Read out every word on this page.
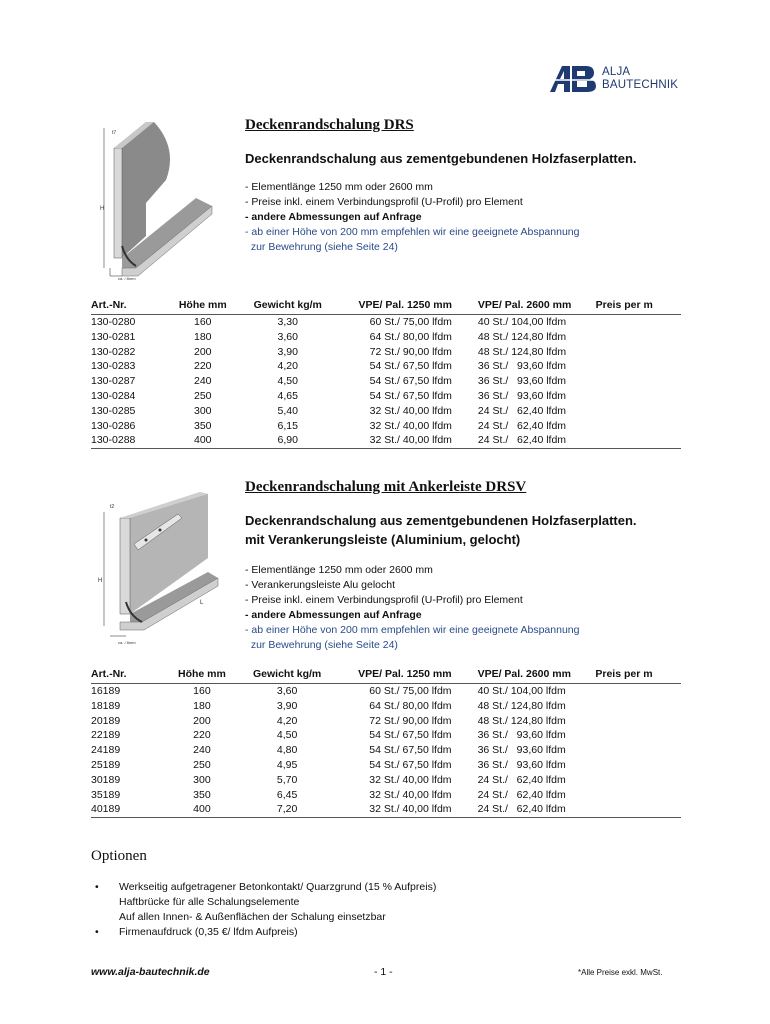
ALJA
BAUTECHNIK
t7
H
ca. / 8mm
Deckenrandschalung DRS
Deckenrandschalung aus zementgebundenen Holzfaserplatten.
- Elementlänge 1250 mm oder 2600 mm
- Preise inkl. einem Verbindungsprofil (U-Profil) pro Element
- andere Abmessungen auf Anfrage
- ab einer Höhe von 200 mm empfehlen wir eine geeignete Abspannung
zur Bewehrung (siehe Seite 24)
Art.-Nr.	Höhe mm	Gewicht kg/m	VPE/ Pal. 1250 mm	VPE/ Pal. 2600 mm	Preis per m
130-0280	160	3,30	60 St./ 75,00 lfdm	40 St./ 104,00 lfdm	
130-0281	180	3,60	64 St./ 80,00 lfdm	48 St./ 124,80 lfdm	
130-0282	200	3,90	72 St./ 90,00 lfdm	48 St./ 124,80 lfdm	
130-0283	220	4,20	54 St./ 67,50 lfdm	36 St./   93,60 lfdm	
130-0287	240	4,50	54 St./ 67,50 lfdm	36 St./   93,60 lfdm	
130-0284	250	4,65	54 St./ 67,50 lfdm	36 St./   93,60 lfdm	
130-0285	300	5,40	32 St./ 40,00 lfdm	24 St./   62,40 lfdm	
130-0286	350	6,15	32 St./ 40,00 lfdm	24 St./   62,40 lfdm	
130-0288	400	6,90	32 St./ 40,00 lfdm	24 St./   62,40 lfdm	
t2
H
L
ca. / 8mm
Deckenrandschalung mit Ankerleiste DRSV
Deckenrandschalung aus zementgebundenen Holzfaserplatten.
mit Verankerungsleiste (Aluminium, gelocht)
- Elementlänge 1250 mm oder 2600 mm
- Verankerungsleiste Alu gelocht
- Preise inkl. einem Verbindungsprofil (U-Profil) pro Element
- andere Abmessungen auf Anfrage
- ab einer Höhe von 200 mm empfehlen wir eine geeignete Abspannung
zur Bewehrung (siehe Seite 24)
Art.-Nr.	Höhe mm	Gewicht kg/m	VPE/ Pal. 1250 mm	VPE/ Pal. 2600 mm	Preis per m
16189	160	3,60	60 St./ 75,00 lfdm	40 St./ 104,00 lfdm	
18189	180	3,90	64 St./ 80,00 lfdm	48 St./ 124,80 lfdm	
20189	200	4,20	72 St./ 90,00 lfdm	48 St./ 124,80 lfdm	
22189	220	4,50	54 St./ 67,50 lfdm	36 St./   93,60 lfdm	
24189	240	4,80	54 St./ 67,50 lfdm	36 St./   93,60 lfdm	
25189	250	4,95	54 St./ 67,50 lfdm	36 St./   93,60 lfdm	
30189	300	5,70	32 St./ 40,00 lfdm	24 St./   62,40 lfdm	
35189	350	6,45	32 St./ 40,00 lfdm	24 St./   62,40 lfdm	
40189	400	7,20	32 St./ 40,00 lfdm	24 St./   62,40 lfdm	
Optionen
• Werkseitig aufgetragener Betonkontakt/ Quarzgrund (15 % Aufpreis)
Haftbrücke für alle Schalungselemente
Auf allen Innen- & Außenflächen der Schalung einsetzbar
• Firmenaufdruck (0,35 €/ lfdm Aufpreis)
www.alja-bautechnik.de	- 1 -	*Alle Preise exkl. MwSt.
